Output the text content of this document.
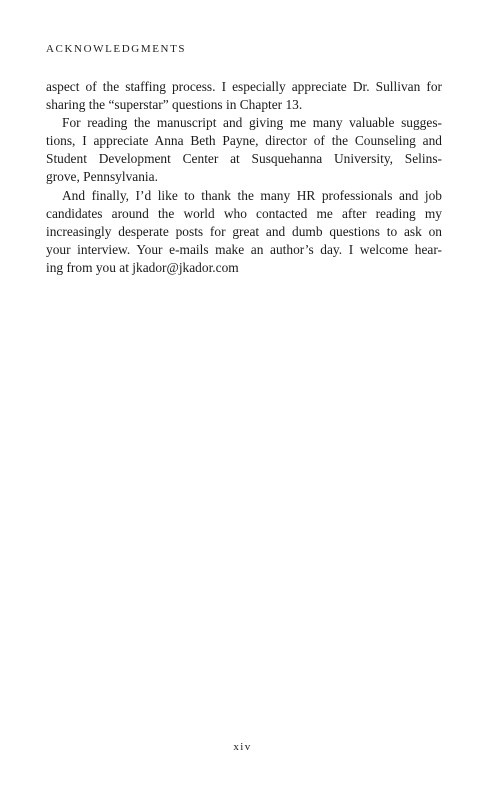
ACKNOWLEDGMENTS
aspect of the staffing process. I especially appreciate Dr. Sullivan for
sharing the “superstar” questions in Chapter 13.
For reading the manuscript and giving me many valuable sugges-
tions, I appreciate Anna Beth Payne, director of the Counseling and
Student Development Center at Susquehanna University, Selins-
grove, Pennsylvania.
And finally, I’d like to thank the many HR professionals and job
candidates around the world who contacted me after reading my
increasingly desperate posts for great and dumb questions to ask on
your interview. Your e-mails make an author’s day. I welcome hear-
ing from you at jkador@jkador.com
xiv
